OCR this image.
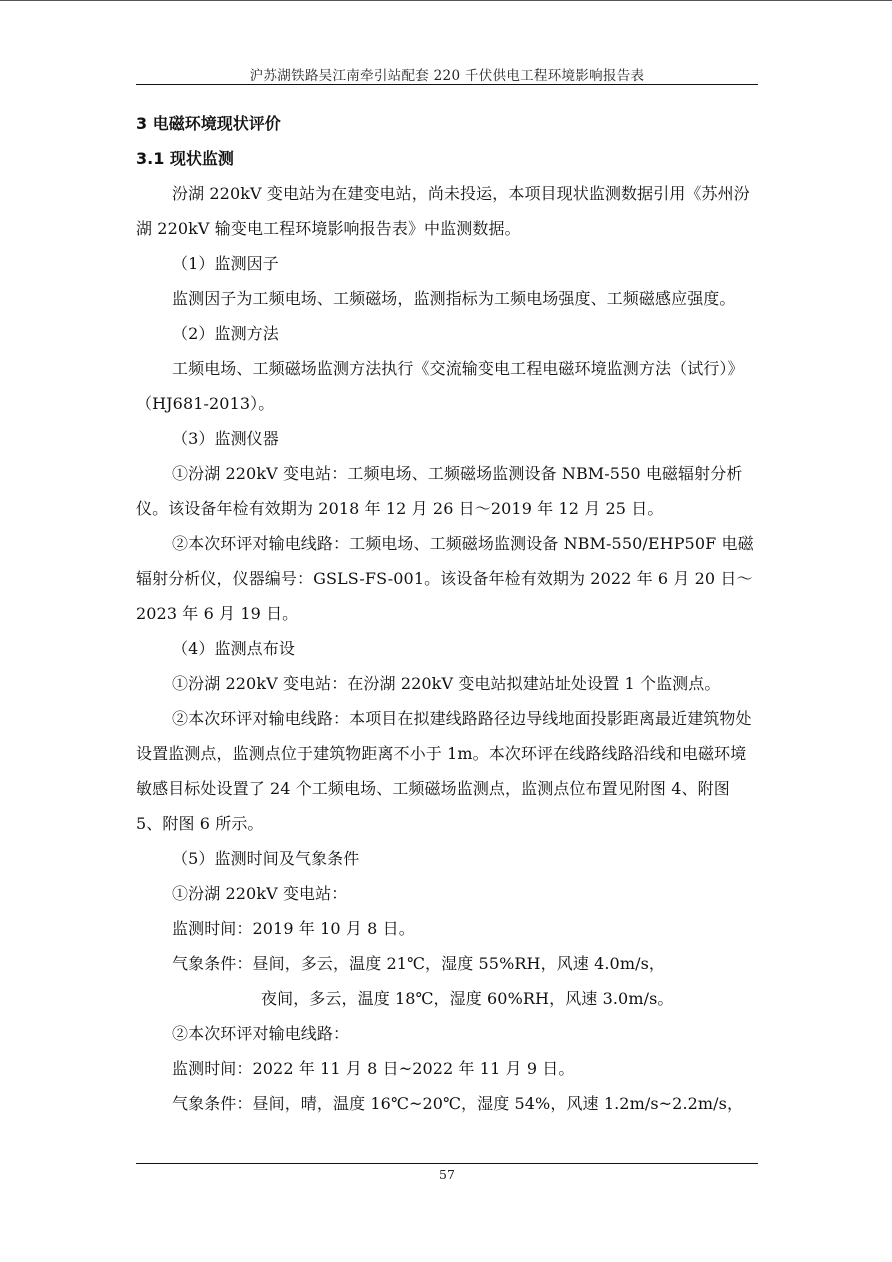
沪苏湖铁路吴江南牵引站配套 220 千伏供电工程环境影响报告表
3 电磁环境现状评价
3.1 现状监测

汾湖 220kV 变电站为在建变电站，尚未投运，本项目现状监测数据引用《苏州汾湖 220kV 输变电工程环境影响报告表》中监测数据。

（1）监测因子

监测因子为工频电场、工频磁场，监测指标为工频电场强度、工频磁感应强度。

（2）监测方法

工频电场、工频磁场监测方法执行《交流输变电工程电磁环境监测方法（试行）》（HJ681-2013）。

（3）监测仪器

①汾湖 220kV 变电站：工频电场、工频磁场监测设备 NBM-550 电磁辐射分析仪。该设备年检有效期为 2018 年 12 月 26 日～2019 年 12 月 25 日。

②本次环评对输电线路：工频电场、工频磁场监测设备 NBM-550/EHP50F 电磁辐射分析仪，仪器编号：GSLS-FS-001。该设备年检有效期为 2022 年 6 月 20 日～2023 年 6 月 19 日。

（4）监测点布设

①汾湖 220kV 变电站：在汾湖 220kV 变电站拟建站址处设置 1 个监测点。

②本次环评对输电线路：本项目在拟建线路路径边导线地面投影距离最近建筑物处设置监测点，监测点位于建筑物距离不小于 1m。本次环评在线路线路沿线和电磁环境敏感目标处设置了 24 个工频电场、工频磁场监测点，监测点位布置见附图 4、附图 5、附图 6 所示。

（5）监测时间及气象条件

①汾湖 220kV 变电站：

监测时间：2019 年 10 月 8 日。

气象条件：昼间，多云，温度 21℃，湿度 55%RH，风速 4.0m/s，

夜间，多云，温度 18℃，湿度 60%RH，风速 3.0m/s。

②本次环评对输电线路：

监测时间：2022 年 11 月 8 日~2022 年 11 月 9 日。

气象条件：昼间，晴，温度 16℃~20℃，湿度 54%，风速 1.2m/s~2.2m/s，

57
